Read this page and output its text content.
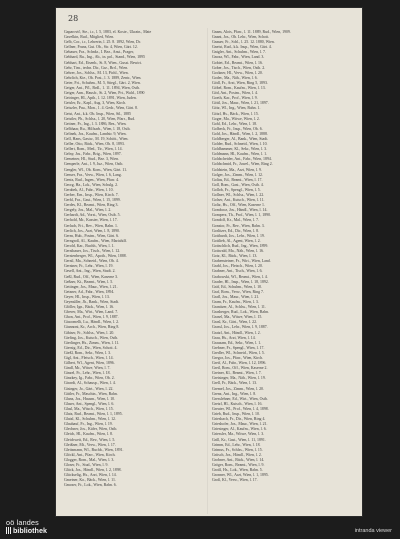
28

Gaparovič, Šte., i.r., l. 5, 1883, el. Koste., Ukrain., Mate

Gavelkin, Rud., Mitglied, Wien.

Gelb, Cor., i.r., Lehrerin, l. 25. 8. 1892, Wien, Dr.

Gellner, Franz, Gut. Ob., Str. 4, Wien, Gärt. 12.

Gebauer, Fra., Schnkr., I. Bez., Anst., Prager,

Gebhard, Ru., Ing., Ab., in. pol., Stand., Wien, 1895

Gebhart, Ed., Eisenb., St. 8, Wien., Gusst. Bewirt.

Gehr, Tim., techn. Dir., Grz., Brrl., Wien.

Gehrer, Jos., Schlss., M. 13, Pichl., Wien.

Gehrlich, Kte., Ob. Post., l. 3. 1889, Zentr., Wien.

Geier, Fri., Schuhm., M. 5, Stiegl., Gärt. 2, Wien.

Geiger, Ant., Pfl., Brdl., 1. 11. 1894, Wien, Ostb.

Geiger, Ann., Hausfr., St. 2, Wien, Prt., Wald., 1890

Geiringer, Hl., Apth., l. 12. 1891, Wien, Juden.

Geisler, Er., Kapl., Aug. 3, Wien, Kirch.

Geiszler, Pau., Mon., 1. 4. Gedr., Wien, Gärt. 8.

Geist, Ant., k.k. Ob. Insp., Wien, Stl., 1885

Geistler, Ph., Schlsz., l. 20, Wien, Pfarr., Rud.

Geitner, Fr., Ing., l. 3. 1886, Bez., Wien.

Gelbhaar, Ru., Hilfsarb., Wien, l. 18, Ostb.

Gelinek, Jos., Kaufm., Landstr. 9, Wien.

Gell, Hans, Gastw., M. 19, Schött., Wien.

Geller, Otto, Bäck., Wien, Ob. 8, 1893.

Gellert, Rom., Med., Tir., Wien, l. 14.

Gelny, Jos., Fabr., Brig., Wien, 1897.

Gemeiner, Hl., Stud., Bez. 3, Wien.

Gemperle, Ant., l. 9, Juz., Wien, Ostb.

Gengler, Wl., Ob. Kom., Wien, Gärt. 11.

Genser, Fra., Verw., Wien, l. 6, Lang.

Gentz, Rud., Ingen., Wien, Pfarr. 4.

Georg, Ha., Lok., Wien, Schulg. 2.

Gerabek, Al., Fabr., Wien, l. 10.

Gerber, Ern., Insp., Wien, Kirch. 7.

Gerbl, Fra., Gast., Wien, l. 15, 1899.

Gerdes, Kl., Beamt., Wien, Ring 3.

Gergely, Jos., Mal., Wien, l. 2.

Gerhardt, Ad., Vorst., Wien, Ostb. 5.

Gerhold, Mr., Kassier, Wien, l. 17.

Gerlach, Fri., Rev., Wien, Bahn. 1.

Gerlich, Jos., Arzt, Wien, l. 8, 1890.

Germ, Hub., Postm., Wien, Gärt. 6.

Gerngroß, Al., Kaufm., Wien, Mariahilf.

Gerold, Kar., Buchh., Wien, l. 1.

Gerstbauer, Jos., Tisch., Wien, l. 12.

Gerstenberger, Wl., Apoth., Wien, 1888.

Gerstl, Ma., Schneid., Wien, Ob. 4.

Gerstner, Fr., Lehr., Wien, l. 19.

Gesell, Ant., Ing., Wien, Stadt. 2.

Geßl, Rud., Off., Wien, Kaserne 3.

Geßner, Kt., Beamt., Wien, l. 5.

Gettinger, Jos., Maur., Wien, l. 21.

Getzner, Ad., Fabr., Wien, 1894.

Geyer, Hl., Insp., Wien, l. 13.

Geymüller, Jh., Bank., Wien, Stadt.

Gföller, Ign., Bäck., Wien, l. 16.

Gfrerer, Ma., Wirt., Wien, Land. 7.

Ghon, Ant., Prof., Wien, l. 9, 1887.

Giacomelli, Lu., Händl., Wien, l. 2.

Giannoni, Kr., Arch., Wien, Ring 8.

Gibiser, Fr., Schlss., Wien, l. 20.

Giefing, Jos., Kutsch., Wien, Ostb.

Gierlinger, Hs., Zimm., Wien, l. 11.

Giersig, Ed., Dir., Wien, Schott. 4.

Gießl, Rom., Sekr., Wien, l. 3.

Gigl, Ant., Fleisch., Wien, l. 14.

Gilbert, Wl., Agent, Wien, 1896.

Gindl, Mr., Witwe, Wien, l. 7.

Ginzel, Fr., Lehr., Wien, l. 18.

Ginzkey, Ig., Fabr., Wien, Ob. 2.

Girardi, Al., Schausp., Wien, l. 4.

Gisinger, Jo., Gärt., Wien, l. 22.

Gittler, Fr., Maschin., Wien, Bahn.

Glanz, Jos., Hausm., Wien, l. 10.

Glaser, Ant., Spengl., Wien, l. 6.

Glasl, Ma., Wäsch., Wien, l. 15.

Glatz, Rud., Beamt., Wien, l. 1, 1895.

Glatzl, Kl., Schuhm., Wien, l. 12.

Glaubauf, Fr., Ing., Wien, l. 19.

Glechner, Jos., Küfer, Wien, Ostb.

Gleich, Hl., Kaufm., Wien, l. 8.

Gleichweit, Ed., Rev., Wien, l. 5.

Gleißner, Mt., Verw., Wien, l. 17.

Gleitsmann, Wl., Buchb., Wien, 1891.

Glöckl, Ant., Pfarr., Wien, Kirch.

Glogger, Rom., Mal., Wien, l. 3.

Gloser, Fr., Stud., Wien, l. 9.

Glück, Jos., Händl., Wien, l. 2, 1898.

Glückselig, Hs., Arzt, Wien, l. 14.

Gmeiner, Ko., Bäck., Wien, l. 11.

Gmoser, Fr., Lok., Wien, Bahn. 6.

Gnam, Alois, Pfarr., l. 11. 1889, Rud., Wien, 1909.

Gnant, Jos., Ob. Lehr., Wien, Schott.

Gnauer, Fr., Schl., l. 25. 12. 1880, Wien.

Gneist, Rud., k.k. Insp., Wien, Gärt. 4.

Gnigler, Ant., Schuhm., Wien, l. 7.

Gnosa, Wl., Fabr., Wien, Land. 3.

Gobiet, Ed., Beamt., Wien, l. 16.

Gober, Jos., Tisch., Wien, Ostb. 2.

Gockner, Hl., Verw., Wien, l. 20.

Godec, Ma., Näh., Wien, l. 6.

Gödl, Fr., Arzt, Wien, Ring 5, 1893.

Göbel, Rom., Kaufm., Wien, l. 13.

Göd, Ant., Postm., Wien, l. 4.

Goeth, Kar., Prof., Wien, l. 9.

Göttl, Jos., Maur., Wien, l. 21, 1897.

Götz, Wl., Ing., Wien, Bahn. 1.

Götzl, Hs., Bäck., Wien, l. 15.

Goger, Ma., Witwe, Wien, l. 2.

Gohl, Ed., Lehr., Wien, l. 18.

Golbeck, Fr., Insp., Wien, Ob. 6.

Gold, Jos., Händl., Wien, l. 2, 1888.

Goldberger, Al., Bank., Wien, Stadt.

Golder, Rud., Schneid., Wien, l. 10.

Goldhammer, Kl., Sekr., Wien, l. 3.

Goldmann, Hl., Kaufm., Wien, l. 1.

Goldscheider, Ant., Fabr., Wien, 1894.

Goldschmid, Fr., Juwel., Wien, Ring 2.

Goldstein, Ma., Arzt, Wien, l. 9.

Golger, Jos., Zimm., Wien, l. 12.

Golias, Ed., Beamt., Wien, l. 17.

Goll, Rom., Gast., Wien, Ostb. 4.

Gollob, Fr., Spengl., Wien, l. 5.

Gollner, Wl., Schlss., Wien, l. 22.

Golser, Ant., Kutsch., Wien, l. 11.

Goltz, Hs., Off., Wien, Kaserne 1.

Gombocz, Jos., Händl., Wien, l. 14.

Gomperz, Th., Prof., Wien, l. 1, 1890.

Gondolf, Kr., Mal., Wien, l. 7.

Gonsior, Fr., Rev., Wien, Bahn. 3.

Gorlitzer, Ed., Dir., Wien, l. 8.

Gotthardt, Jos., Lehr., Wien, l. 19.

Gottlieb, Al., Agent, Wien, l. 2.

Gottschlich, Rud., Ing., Wien, 1899.

Gottwald, Ma., Näh., Wien, l. 16.

Gotz, Kl., Bäck., Wien, l. 13.

Grabensteiner, Fr., Wirt., Wien, Land.

Grabl, Jos., Fleisch., Wien, l. 20.

Grabner, Ant., Tisch., Wien, l. 6.

Grabowski, Wl., Beamt., Wien, l. 4.

Grader, Hl., Insp., Wien, l. 18, 1892.

Gräf, Ed., Schuhm., Wien, l. 10.

Graf, Rom., Verw., Wien, Ring 7.

Grafl, Jos., Maur., Wien, l. 21.

Gram, Fr., Kaufm., Wien, l. 3.

Granitzer, Al., Schlss., Wien, l. 11.

Grasberger, Rud., Lok., Wien, Bahn.

Grasel, Ma., Witwe, Wien, l. 15.

Grasl, Kr., Gärt., Wien, l. 22.

Grassl, Jos., Lehr., Wien, l. 9, 1887.

Gratzl, Ant., Händl., Wien, l. 2.

Grau, Hs., Arzt, Wien, l. 14.

Grausam, Ed., Sekr., Wien, l. 1.

Grebner, Fr., Spengl., Wien, l. 17.

Gredler, Wl., Schneid., Wien, l. 5.

Gregor, Jos., Pfarr., Wien, Kirch.

Greif, Al., Fabr., Wien, l. 12, 1896.

Greil, Rom., Off., Wien, Kaserne 2.

Greiner, Kl., Beamt., Wien, l. 7.

Greisinger, Ma., Näh., Wien, l. 19.

Grell, Fr., Bäck., Wien, l. 13.

Gremel, Jos., Zimm., Wien, l. 20.

Grenz, Ant., Ing., Wien, l. 8.

Gresslehner, Ed., Wirt., Wien, Ostb.

Gretzl, Hl., Kutsch., Wien, l. 16.

Greuter, Wl., Prof., Wien, l. 4, 1898.

Grieb, Rud., Insp., Wien, l. 10.

Griesbach, Fr., Dir., Wien, Ring 4.

Grieshofer, Jos., Maur., Wien, l. 21.

Griesinger, Al., Kaufm., Wien, l. 6.

Griessler, Ma., Witwe, Wien, l. 3.

Grill, Kr., Gast., Wien, l. 11, 1891.

Grimm, Ed., Lehr., Wien, l. 18.

Grimus, Fr., Schlss., Wien, l. 15.

Gritsch, Jos., Händl., Wien, l. 2.

Grobner, Ant., Bäck., Wien, l. 14.

Gröger, Rom., Beamt., Wien, l. 9.

Groiß, Hs., Lok., Wien, Bahn. 5.

Gronner, Wl., Arzt, Wien, l. 1, 1895.

Groß, Kl., Verw., Wien, l. 17.

oö landes
bibliothek	intranda viewer
